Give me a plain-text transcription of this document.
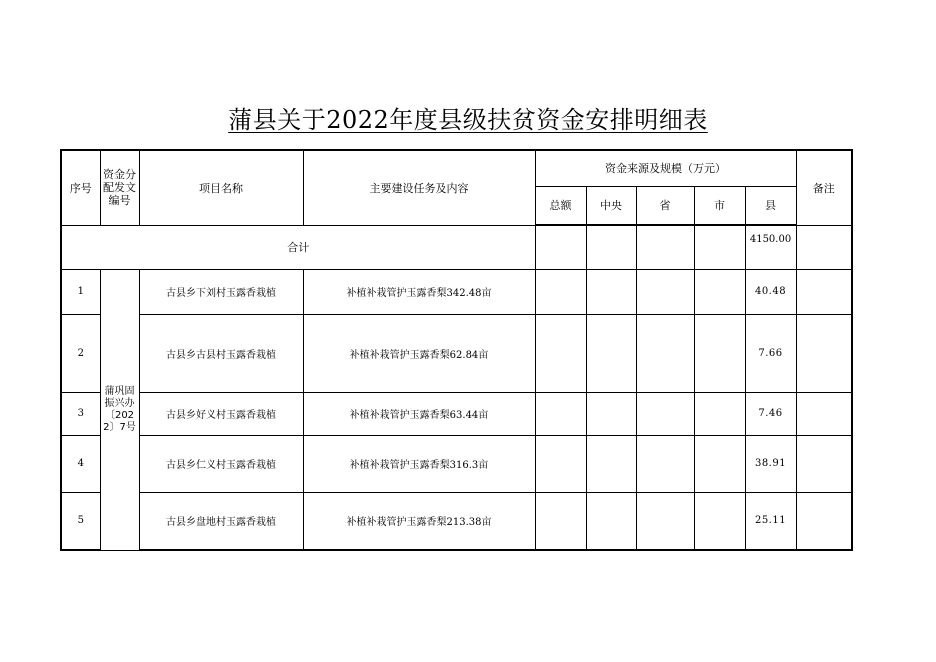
蒲县关于2022年度县级扶贫资金安排明细表
序号	资金分配发文编号	项目名称	主要建设任务及内容	资金来源及规模（万元）					备注
				总额	中央	省	市	县	
合计								4150.00	
1	蒲巩固振兴办〔2022〕7号	古县乡下刘村玉露香栽植	补植补栽管护玉露香梨342.48亩					40.48	
2		古县乡古县村玉露香栽植	补植补栽管护玉露香梨62.84亩					7.66	
3		古县乡好义村玉露香栽植	补植补栽管护玉露香梨63.44亩					7.46	
4		古县乡仁义村玉露香栽植	补植补栽管护玉露香梨316.3亩					38.91	
5		古县乡盘地村玉露香栽植	补植补栽管护玉露香梨213.38亩					25.11	
